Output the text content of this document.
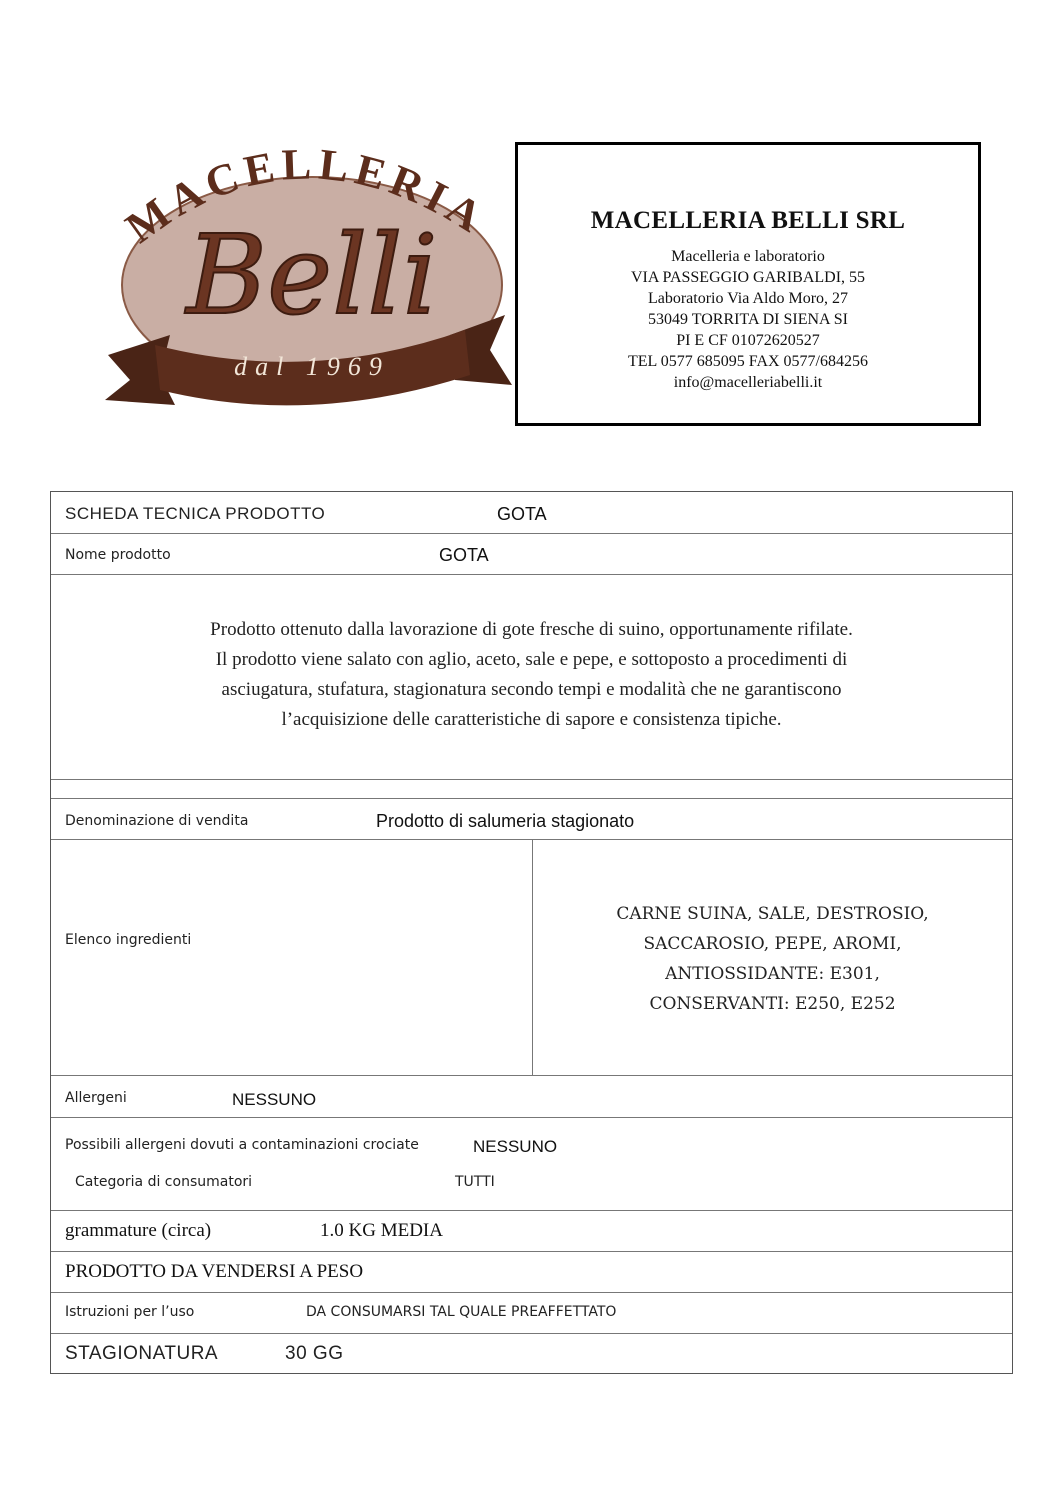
MACELLERIA
Belli
dal 1969
MACELLERIA BELLI SRL
Macelleria e laboratorio
VIA PASSEGGIO GARIBALDI, 55
Laboratorio Via Aldo Moro, 27
53049 TORRITA DI SIENA SI
PI E CF 01072620527
TEL 0577 685095 FAX 0577/684256
info@macelleriabelli.it
SCHEDA TECNICA PRODOTTO	GOTA
Nome prodotto	GOTA
Prodotto ottenuto dalla lavorazione di gote fresche di suino, opportunamente rifilate.
Il prodotto viene salato con aglio, aceto, sale e pepe, e sottoposto a procedimenti di
asciugatura, stufatura, stagionatura secondo tempi e modalità che ne garantiscono
l’acquisizione delle caratteristiche di sapore e consistenza tipiche.
Denominazione di vendita	Prodotto di salumeria stagionato
Elenco ingredienti
CARNE SUINA, SALE, DESTROSIO,
SACCAROSIO, PEPE, AROMI,
ANTIOSSIDANTE: E301,
CONSERVANTI: E250, E252
Allergeni	NESSUNO
Possibili allergeni dovuti a contaminazioni crociate	NESSUNO
Categoria di consumatori	TUTTI
grammature (circa)	1.0 KG MEDIA
PRODOTTO DA VENDERSI A PESO
Istruzioni per l’uso	DA CONSUMARSI TAL QUALE PREAFFETTATO
STAGIONATURA	30 GG
